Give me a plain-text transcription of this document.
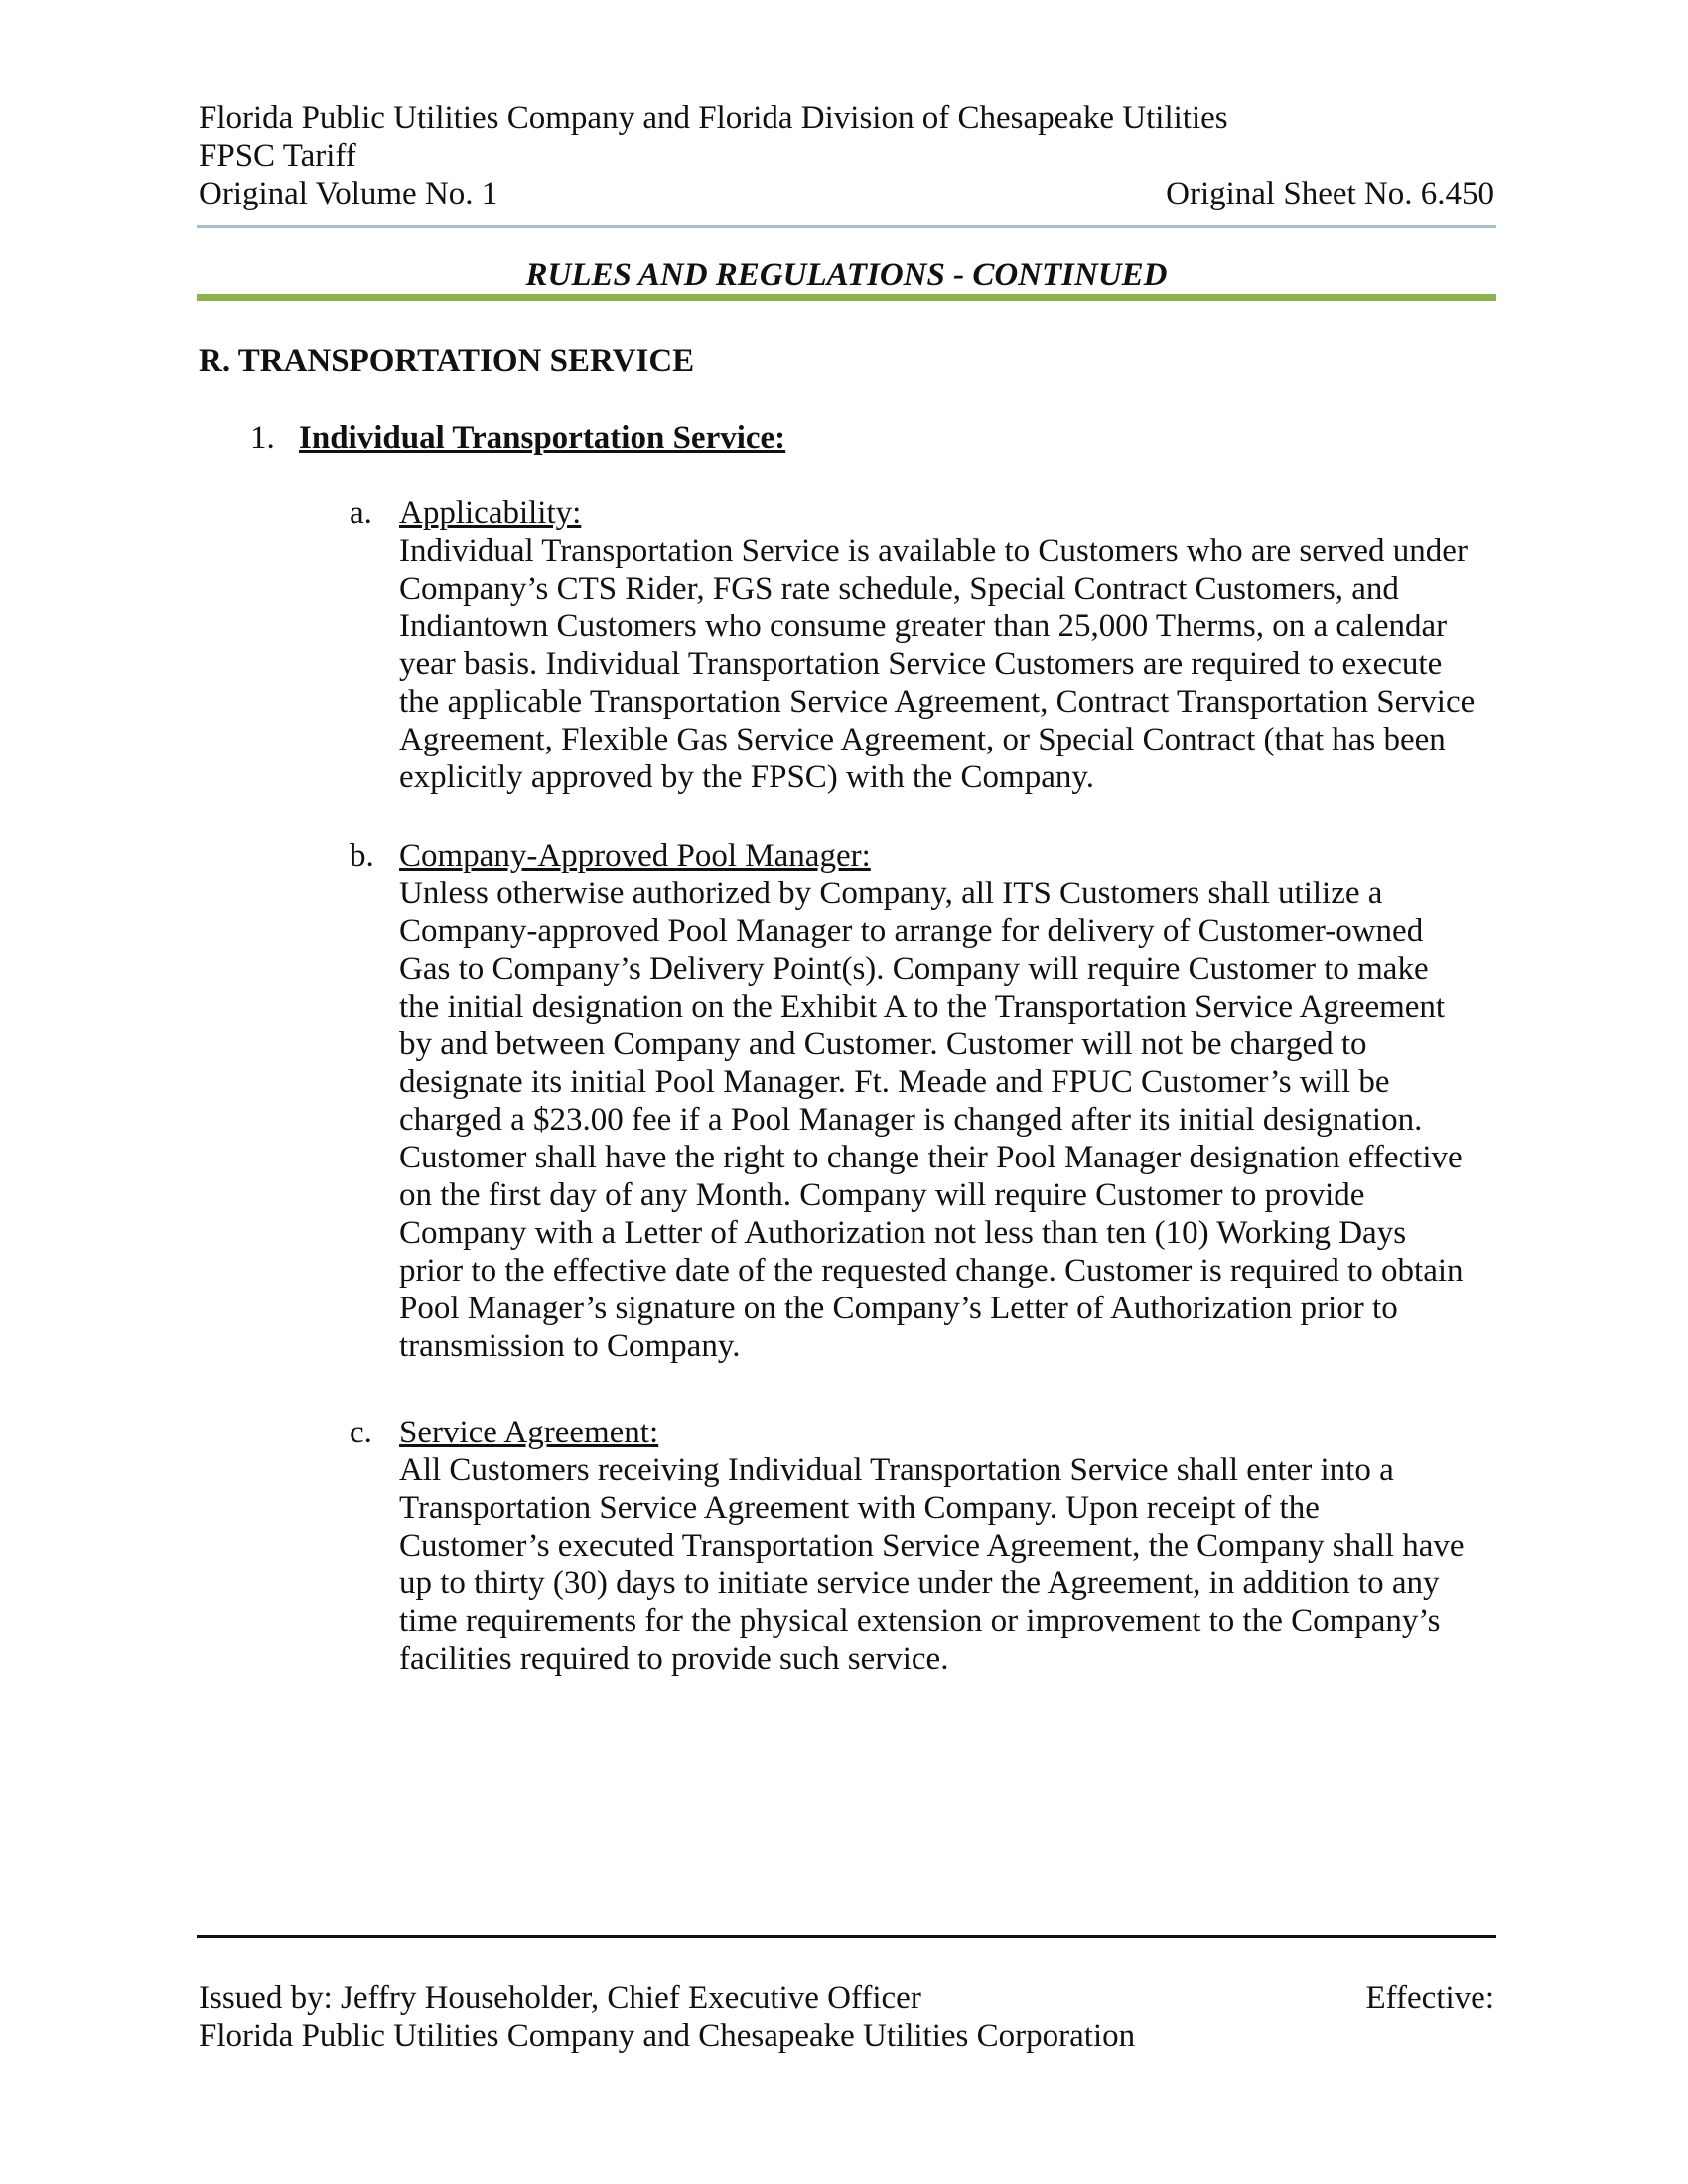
Florida Public Utilities Company and Florida Division of Chesapeake Utilities
FPSC Tariff
Original Volume No. 1	Original Sheet No. 6.450
RULES AND REGULATIONS - CONTINUED
R. TRANSPORTATION SERVICE
1. Individual Transportation Service:
a. Applicability:
Individual Transportation Service is available to Customers who are served under
Company’s CTS Rider, FGS rate schedule, Special Contract Customers, and
Indiantown Customers who consume greater than 25,000 Therms, on a calendar
year basis. Individual Transportation Service Customers are required to execute
the applicable Transportation Service Agreement, Contract Transportation Service
Agreement, Flexible Gas Service Agreement, or Special Contract (that has been
explicitly approved by the FPSC) with the Company.
b. Company-Approved Pool Manager:
Unless otherwise authorized by Company, all ITS Customers shall utilize a
Company-approved Pool Manager to arrange for delivery of Customer-owned
Gas to Company’s Delivery Point(s). Company will require Customer to make
the initial designation on the Exhibit A to the Transportation Service Agreement
by and between Company and Customer. Customer will not be charged to
designate its initial Pool Manager. Ft. Meade and FPUC Customer’s will be
charged a $23.00 fee if a Pool Manager is changed after its initial designation.
Customer shall have the right to change their Pool Manager designation effective
on the first day of any Month. Company will require Customer to provide
Company with a Letter of Authorization not less than ten (10) Working Days
prior to the effective date of the requested change. Customer is required to obtain
Pool Manager’s signature on the Company’s Letter of Authorization prior to
transmission to Company.
c. Service Agreement:
All Customers receiving Individual Transportation Service shall enter into a
Transportation Service Agreement with Company. Upon receipt of the
Customer’s executed Transportation Service Agreement, the Company shall have
up to thirty (30) days to initiate service under the Agreement, in addition to any
time requirements for the physical extension or improvement to the Company’s
facilities required to provide such service.
Issued by: Jeffry Householder, Chief Executive Officer	Effective:
Florida Public Utilities Company and Chesapeake Utilities Corporation
